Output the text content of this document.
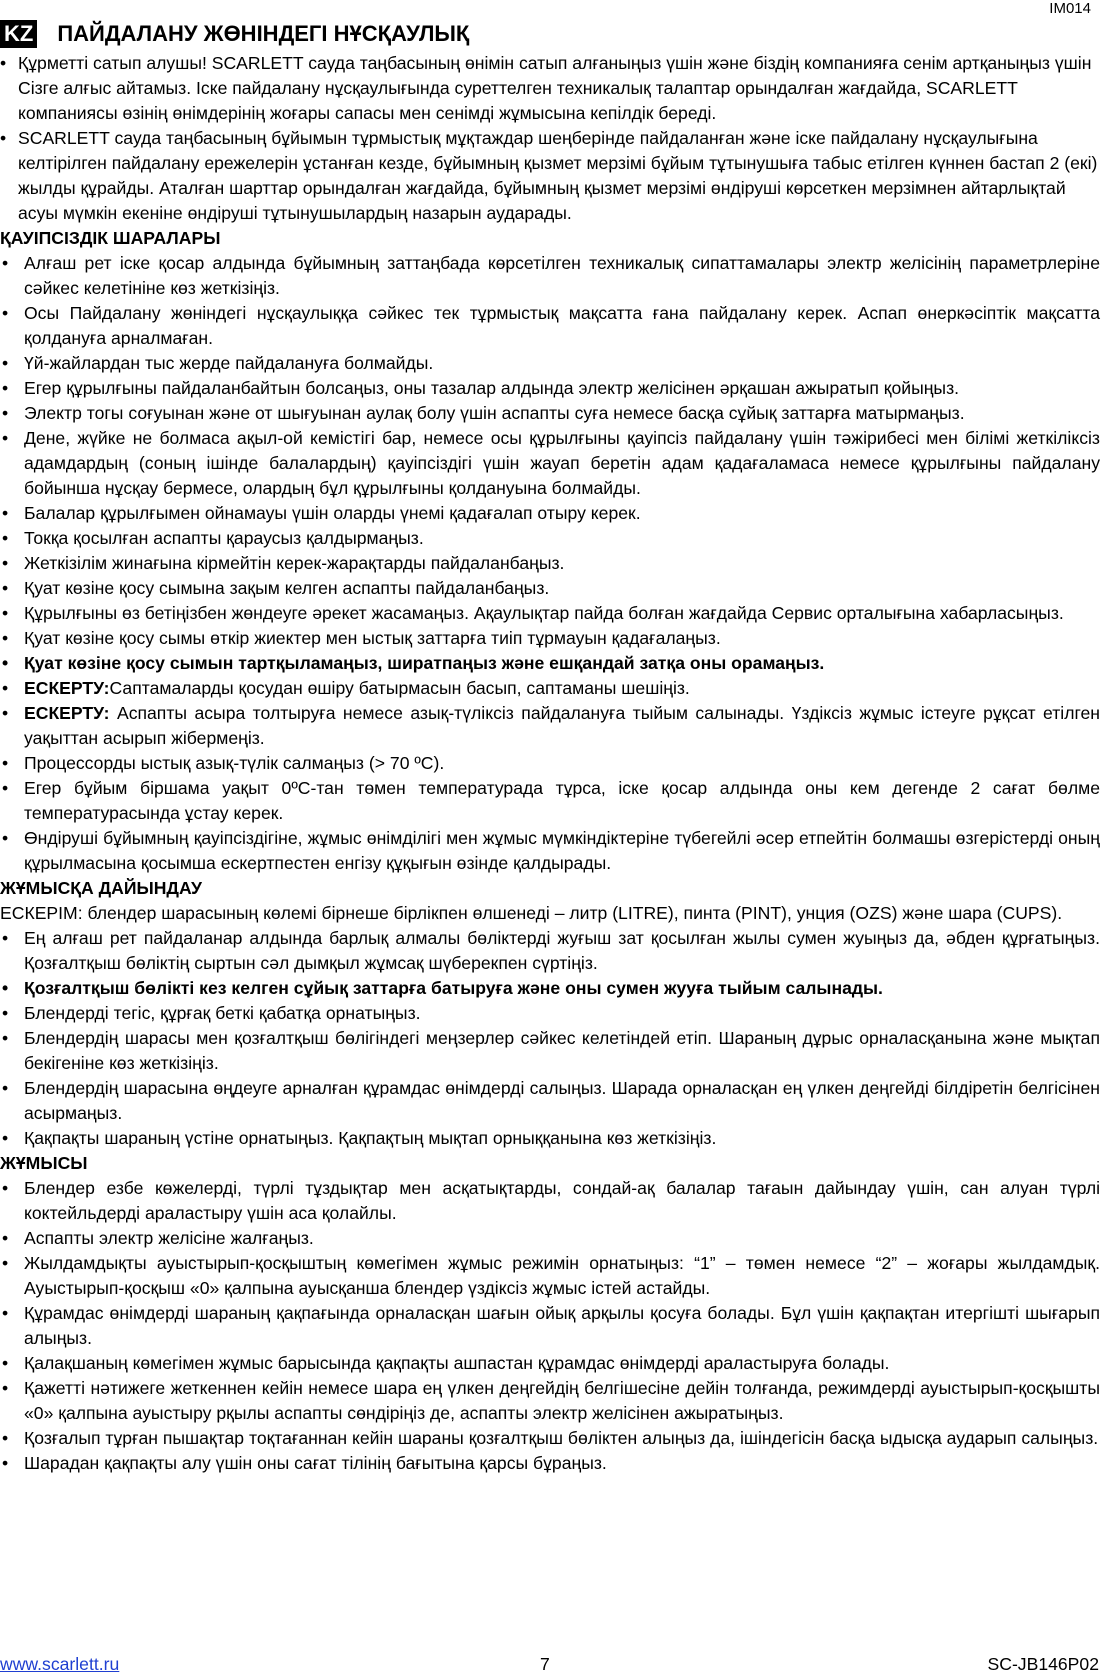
IM014
KZ ПАЙДАЛАНУ ЖӨНІНДЕГІ НҰСҚАУЛЫҚ
• Құрметті сатып алушы! SCARLETT сауда таңбасының өнімін сатып алғаныңыз үшін және біздің компанияға сенім артқаныңыз үшін Сізге алғыс айтамыз. Іске пайдалану нұсқаулығында суреттелген техникалық талаптар орындалған жағдайда, SCARLETT компаниясы өзінің өнімдерінің жоғары сапасы мен сенімді жұмысына кепілдік береді.
• SCARLETT сауда таңбасының бұйымын тұрмыстық мұқтаждар шеңберінде пайдаланған және іске пайдалану нұсқаулығына келтірілген пайдалану ережелерін ұстанған кезде, бұйымның қызмет мерзімі бұйым тұтынушыға табыс етілген күннен бастап 2 (екі) жылды құрайды. Аталған шарттар орындалған жағдайда, бұйымның қызмет мерзімі өндіруші көрсеткен мерзімнен айтарлықтай асуы мүмкін екеніне өндіруші тұтынушылардың назарын аударады.
ҚАУІПСІЗДІК ШАРАЛАРЫ
• Алғаш рет іске қосар алдында бұйымның заттаңбада көрсетілген техникалық сипаттамалары электр желісінің параметрлеріне сәйкес келетініне көз жеткізіңіз.
• Осы Пайдалану жөніндегі нұсқаулыққа сәйкес тек тұрмыстық мақсатта ғана пайдалану керек. Аспап өнеркәсіптік мақсатта қолдануға арналмаған.
• Үй-жайлардан тыс жерде пайдалануға болмайды.
• Егер құрылғыны пайдаланбайтын болсаңыз, оны тазалар алдында электр желісінен әрқашан ажыратып қойыңыз.
• Электр тогы соғуынан және от шығуынан аулақ болу үшін аспапты суға немесе басқа сұйық заттарға матырмаңыз.
• Дене, жүйке не болмаса ақыл-ой кемістігі бар, немесе осы құрылғыны қауіпсіз пайдалану үшін тәжірибесі мен білімі жеткіліксіз адамдардың (соның ішінде балалардың) қауіпсіздігі үшін жауап беретін адам қадағаламаса немесе құрылғыны пайдалану бойынша нұсқау бермесе, олардың бұл құрылғыны қолдануына болмайды.
• Балалар құрылғымен ойнамауы үшін оларды үнемі қадағалап отыру керек.
• Токқа қосылған аспапты қараусыз қалдырмаңыз.
• Жеткізілім жинағына кірмейтін керек-жарақтарды пайдаланбаңыз.
• Қуат көзіне қосу сымына зақым келген аспапты пайдаланбаңыз.
• Құрылғыны өз бетіңізбен жөндеуге әрекет жасамаңыз. Ақаулықтар пайда болған жағдайда Сервис орталығына хабарласыңыз.
• Қуат көзіне қосу сымы өткір жиектер мен ыстық заттарға тиіп тұрмауын қадағалаңыз.
• Қуат көзіне қосу сымын тартқыламаңыз, ширатпаңыз және ешқандай затқа оны орамаңыз.
• ЕСКЕРТУ:Саптамаларды қосудан өшіру батырмасын басып, саптаманы шешіңіз.
• ЕСКЕРТУ: Аспапты асыра толтыруға немесе азық-түліксіз пайдалануға тыйым салынады. Үздіксіз жұмыс істеуге рұқсат етілген уақыттан асырып жібермеңіз.
• Процессорды ыстық азық-түлік салмаңыз (> 70 ºС).
• Егер бұйым біршама уақыт 0ºС-тан төмен температурада тұрса, іске қосар алдында оны кем дегенде 2 сағат бөлме температурасында ұстау керек.
• Өндіруші бұйымның қауіпсіздігіне, жұмыс өнімділігі мен жұмыс мүмкіндіктеріне түбегейлі әсер етпейтін болмашы өзгерістерді оның құрылмасына қосымша ескертпестен енгізу құқығын өзінде қалдырады.
ЖҰМЫСҚА ДАЙЫНДАУ

ЕСКЕРІМ: блендер шарасының көлемі бірнеше бірлікпен өлшенеді – литр (LITRE), пинта (PINT), унция (OZS) және шара (CUPS).

• Ең алғаш рет пайдаланар алдында барлық алмалы бөліктерді жуғыш зат қосылған жылы сумен жуыңыз да, әбден құрғатыңыз. Қозғалтқыш бөліктің сыртын сәл дымқыл жұмсақ шүберекпен сүртіңіз.
• Қозғалтқыш бөлікті кез келген сұйық заттарға батыруға және оны сумен жууға тыйым салынады.
• Блендерді тегіс, құрғақ беткі қабатқа орнатыңыз.
• Блендердің шарасы мен қозғалтқыш бөлігіндегі меңзерлер сәйкес келетіндей етіп. Шараның дұрыс орналасқанына және мықтап бекігеніне көз жеткізіңіз.
• Блендердің шарасына өңдеуге арналған құрамдас өнімдерді салыңыз. Шарада орналасқан ең үлкен деңгейді білдіретін белгісінен асырмаңыз.
• Қақпақты шараның үстіне орнатыңыз. Қақпақтың мықтап орныққанына көз жеткізіңіз.
ЖҰМЫСЫ
• Блендер езбе көжелерді, түрлі тұздықтар мен асқатықтарды, сондай-ақ балалар тағаын дайындау үшін, сан алуан түрлі коктейльдерді араластыру үшін аса қолайлы.
• Аспапты электр желісіне жалғаңыз.
• Жылдамдықты ауыстырып-қосқыштың көмегімен жұмыс режимін орнатыңыз: “1” – төмен немесе “2” – жоғары жылдамдық. Ауыстырып-қосқыш «0» қалпына ауысқанша блендер үздіксіз жұмыс істей астайды.
• Құрамдас өнімдерді шараның қақпағында орналасқан шағын ойық арқылы қосуға болады. Бұл үшін қақпақтан итергішті шығарып алыңыз.
• Қалақшаның көмегімен жұмыс барысында қақпақты ашпастан құрамдас өнімдерді араластыруға болады.
• Қажетті нәтижеге жеткеннен кейін немесе шара ең үлкен деңгейдің белгішесіне дейін толғанда, режимдерді ауыстырып-қосқышты «0» қалпына ауыстыру рқылы аспапты сөндіріңіз де, аспапты электр желісінен ажыратыңыз.
• Қозғалып тұрған пышақтар тоқтағаннан кейін шараны қозғалтқыш бөліктен алыңыз да, ішіндегісін басқа ыдысқа аударып салыңыз.
• Шарадан қақпақты алу үшін оны сағат тілінің бағытына қарсы бұраңыз.
www.scarlett.ru	7	SC-JB146P02
